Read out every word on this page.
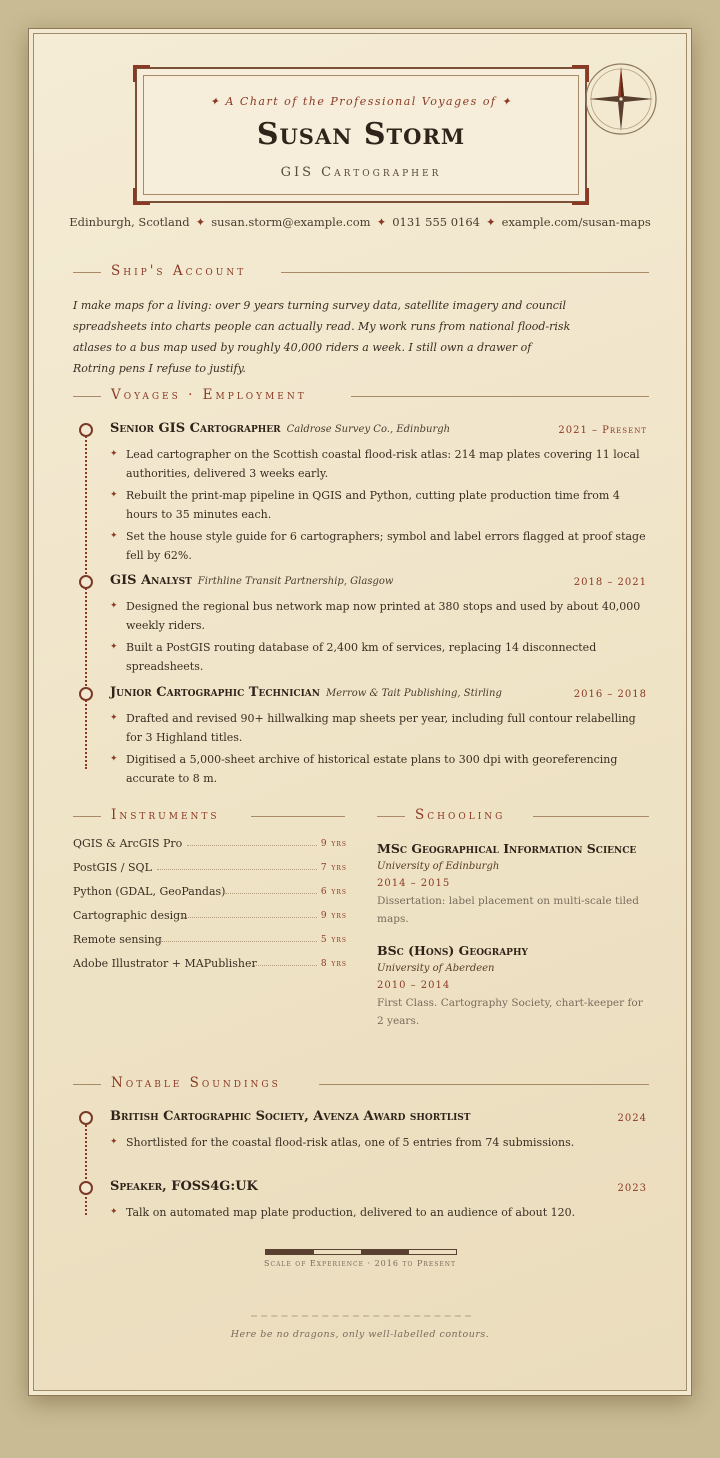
✦ A Chart of the Professional Voyages of ✦
Susan Storm
GIS Cartographer
Edinburgh, Scotland ✦ susan.storm@example.com ✦ 0131 555 0164 ✦ example.com/susan-maps
Ship's Account
I make maps for a living: over 9 years turning survey data, satellite imagery and council spreadsheets into charts people can actually read. My work runs from national flood-risk atlases to a bus map used by roughly 40,000 riders a week. I still own a drawer of Rotring pens I refuse to justify.
Voyages · Employment
Senior GIS Cartographer Caldrose Survey Co., Edinburgh	2021 – Present
✦ Lead cartographer on the Scottish coastal flood-risk atlas: 214 map plates covering 11 local authorities, delivered 3 weeks early.
✦ Rebuilt the print-map pipeline in QGIS and Python, cutting plate production time from 4 hours to 35 minutes each.
✦ Set the house style guide for 6 cartographers; symbol and label errors flagged at proof stage fell by 62%.
GIS Analyst Firthline Transit Partnership, Glasgow	2018 – 2021
✦ Designed the regional bus network map now printed at 380 stops and used by about 40,000 weekly riders.
✦ Built a PostGIS routing database of 2,400 km of services, replacing 14 disconnected spreadsheets.
Junior Cartographic Technician Merrow & Tait Publishing, Stirling	2016 – 2018
✦ Drafted and revised 90+ hillwalking map sheets per year, including full contour relabelling for 3 Highland titles.
✦ Digitised a 5,000-sheet archive of historical estate plans to 300 dpi with georeferencing accurate to 8 m.
Instruments
QGIS & ArcGIS Pro	9 yrs
PostGIS / SQL	7 yrs
Python (GDAL, GeoPandas)	6 yrs
Cartographic design	9 yrs
Remote sensing	5 yrs
Adobe Illustrator + MAPublisher	8 yrs
Schooling
MSc Geographical Information Science
University of Edinburgh
2014 – 2015
Dissertation: label placement on multi-scale tiled maps.
BSc (Hons) Geography
University of Aberdeen
2010 – 2014
First Class. Cartography Society, chart-keeper for 2 years.
Notable Soundings
British Cartographic Society, Avenza Award shortlist	2024
✦ Shortlisted for the coastal flood-risk atlas, one of 5 entries from 74 submissions.
Speaker, FOSS4G:UK	2023
✦ Talk on automated map plate production, delivered to an audience of about 120.
Scale of Experience · 2016 to Present
Here be no dragons, only well-labelled contours.
